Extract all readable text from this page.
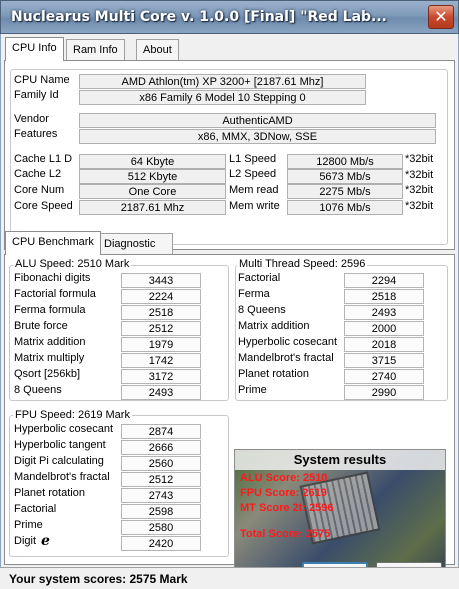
Nuclearus Multi Core v. 1.0.0 [Final] "Red Lab...	✕
CPU Info	Ram Info	About
CPU Name	AMD Athlon(tm) XP 3200+ [2187.61 Mhz]
Family Id	x86 Family 6 Model 10 Stepping 0
Vendor	AuthenticAMD
Features	x86, MMX, 3DNow, SSE
Cache L1 D	64 Kbyte
Cache L2	512 Kbyte
Core Num	One Core
Core Speed	2187.61 Mhz
L1 Speed	12800 Mb/s	*32bit
L2 Speed	5673 Mb/s	*32bit
Mem read	2275 Mb/s	*32bit
Mem write	1076 Mb/s	*32bit
CPU Benchmark Diagnostic
ALU Speed: 2510 Mark
Fibonachi digits	3443
Factorial formula	2224
Ferma formula	2518
Brute force	2512
Matrix addition	1979
Matrix multiply	1742
Qsort [256kb]	3172
8 Queens	2493
Multi Thread Speed: 2596
Factorial	2294
Ferma	2518
8 Queens	2493
Matrix addition	2000
Hyperbolic cosecant	2018
Mandelbrot's fractal	3715
Planet rotation	2740
Prime	2990
FPU Speed: 2619 Mark
Hyperbolic cosecant	2874
Hyperbolic tangent	2666
Digit Pi calculating	2560
Mandelbrot's fractal	2512
Planet rotation	2743
Factorial	2598
Prime	2580
Digit	2420
e
System results
ALU Score: 2510
FPU Score: 2619
MT Score 2t: 2596
Total Score: 2575
Your system scores: 2575 Mark
